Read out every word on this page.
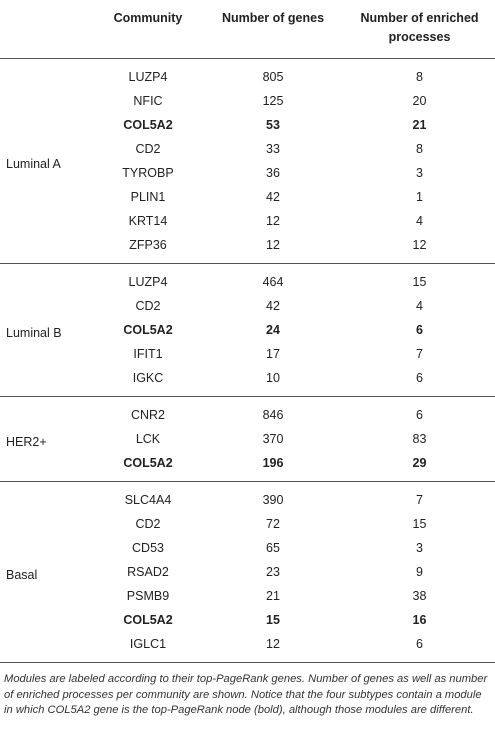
	Community	Number of genes	Number of enriched
processes

Luminal A	LUZP4	805	8
	NFIC	125	20
	COL5A2	53	21
	CD2	33	8
	TYROBP	36	3
	PLIN1	42	1
	KRT14	12	4
	ZFP36	12	12
Luminal B	LUZP4	464	15
	CD2	42	4
	COL5A2	24	6
	IFIT1	17	7
	IGKC	10	6
HER2+	CNR2	846	6
	LCK	370	83
	COL5A2	196	29
Basal	SLC4A4	390	7
	CD2	72	15
	CD53	65	3
	RSAD2	23	9
	PSMB9	21	38
	COL5A2	15	16
	IGLC1	12	6

Modules are labeled according to their top-PageRank genes. Number of genes as well as number of enriched processes per community are shown. Notice that the four subtypes contain a module in which COL5A2 gene is the top-PageRank node (bold), although those modules are different.
